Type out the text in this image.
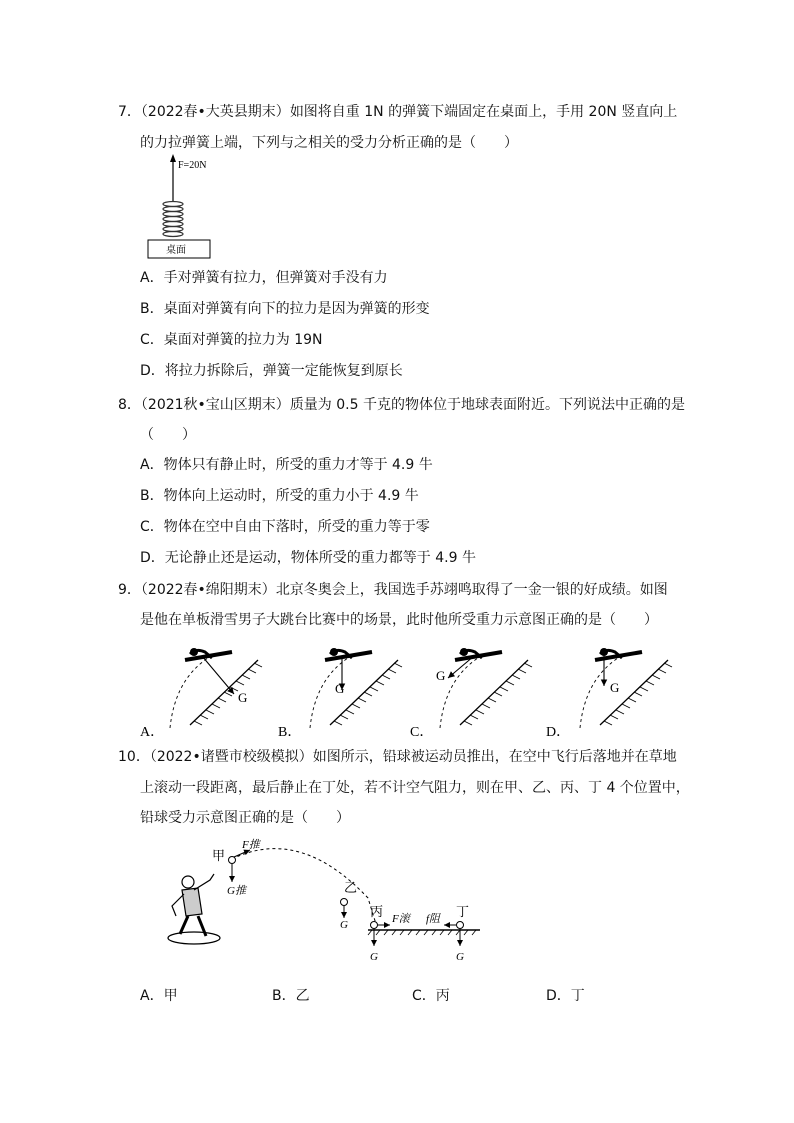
7．（2022春•大英县期末）如图将自重 1N 的弹簧下端固定在桌面上，手用 20N 竖直向上
的力拉弹簧上端，下列与之相关的受力分析正确的是（　　）
F=20N
桌面
A．手对弹簧有拉力，但弹簧对手没有力
B．桌面对弹簧有向下的拉力是因为弹簧的形变
C．桌面对弹簧的拉力为 19N
D．将拉力拆除后，弹簧一定能恢复到原长
8．（2021秋•宝山区期末）质量为 0.5 千克的物体位于地球表面附近。下列说法中正确的是
（　　）
A．物体只有静止时，所受的重力才等于 4.9 牛
B．物体向上运动时，所受的重力小于 4.9 牛
C．物体在空中自由下落时，所受的重力等于零
D．无论静止还是运动，物体所受的重力都等于 4.9 牛
9．（2022春•绵阳期末）北京冬奥会上，我国选手苏翊鸣取得了一金一银的好成绩。如图
是他在单板滑雪男子大跳台比赛中的场景，此时他所受重力示意图正确的是（　　）
G
A．
G
B．
G
C．
G
D．
10．（2022•诸暨市校级模拟）如图所示，铅球被运动员推出，在空中飞行后落地并在草地
上滚动一段距离，最后静止在丁处，若不计空气阻力，则在甲、乙、丙、丁 4 个位置中，
铅球受力示意图正确的是（　　）
甲
F推
G推	乙
G
丙 F滚
G
丁
f阻
G
A．甲	B．乙	C．丙	D．丁
